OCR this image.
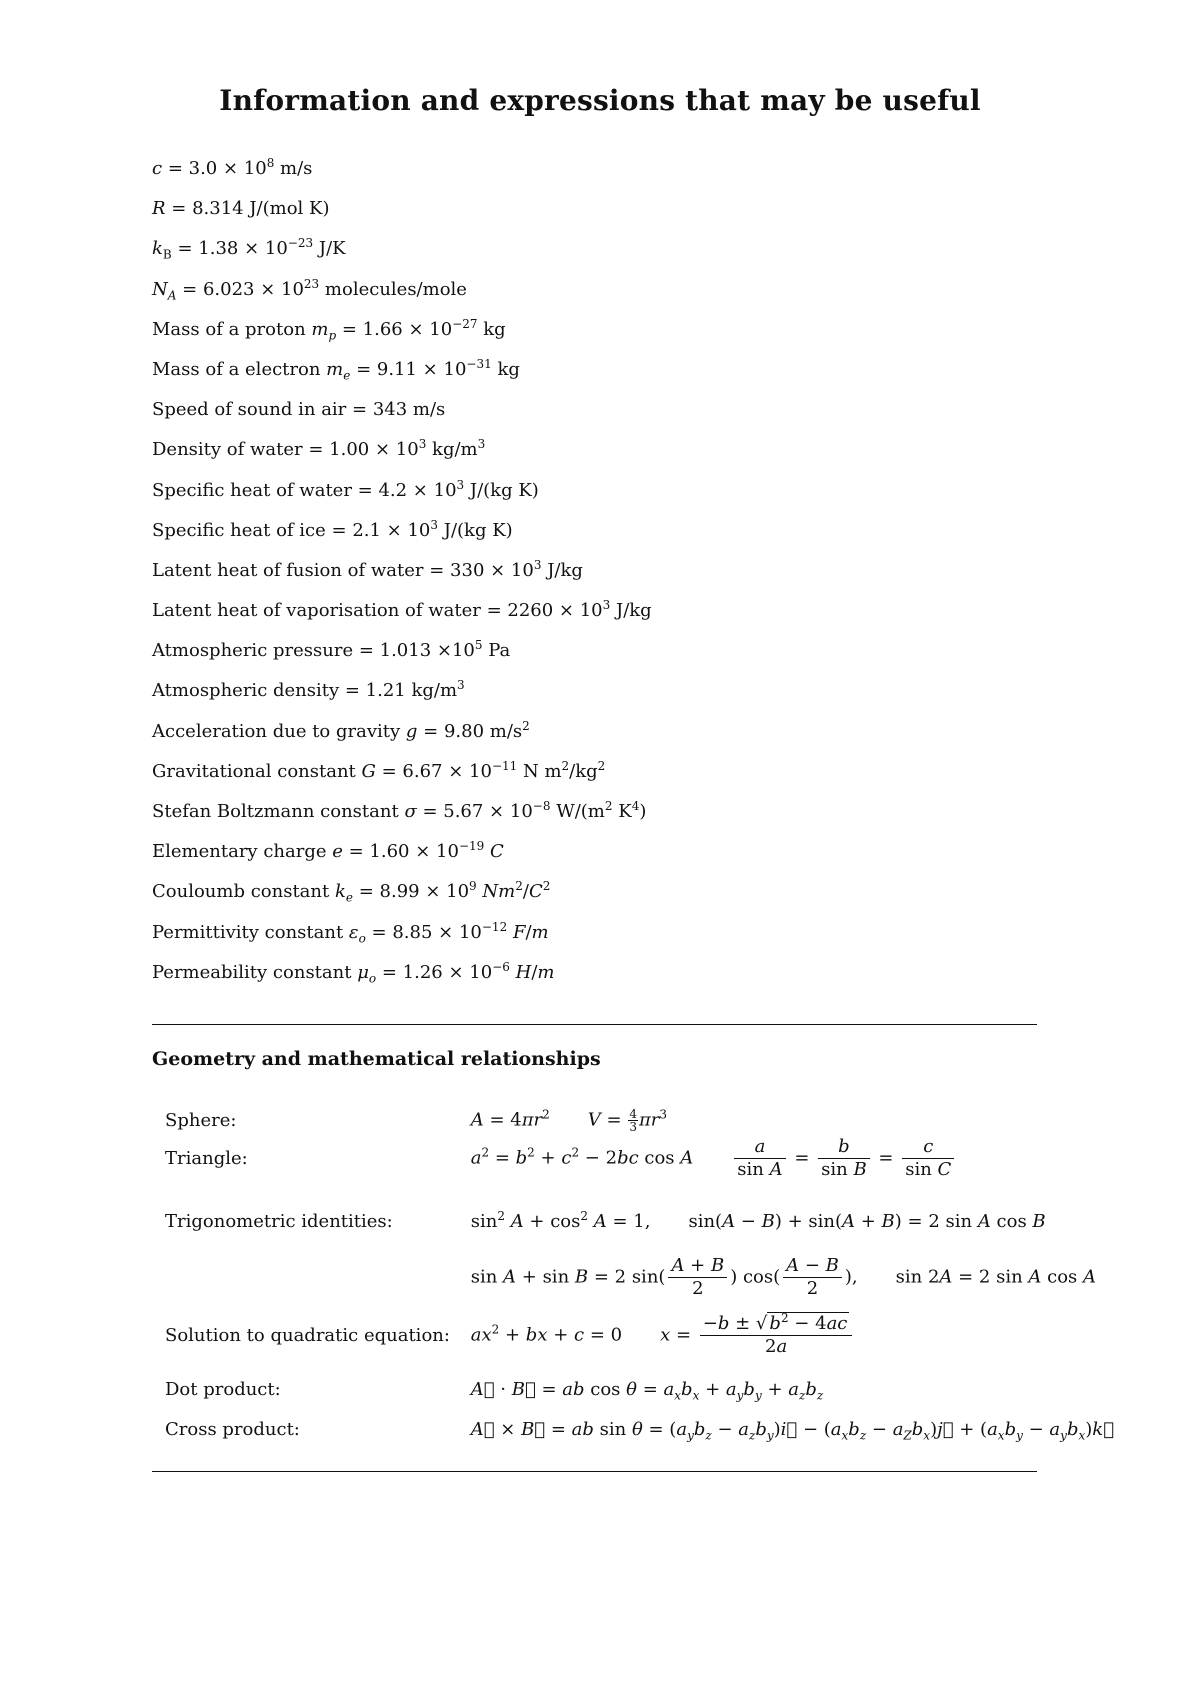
Information and expressions that may be useful
$c = 3.0 \times 10^8$ m/s
R = 8.314 J/(mol K)
$k_B = 1.38 \times 10^{-23}$ J/K
$N_A = 6.023 \times 10^{23}$ molecules/mole
Mass of a proton $m_p = 1.66 \times 10^{-27}$ kg
Mass of a electron $m_e = 9.11 \times 10^{-31}$ kg
Speed of sound in air = 343 m/s
Density of water = $1.00 \times 10^3$ $kg/m^3$
Specific heat of water = $4.2 \times 10^3$ J/(kg K)
Specific heat of ice = $2.1 \times 10^3$ J/(kg K)
Latent heat of fusion of water = $330 \times 10^3$ J/kg
Latent heat of vaporisation of water = $2260 \times 10^3$ J/kg
Atmospheric pressure = $1.013 \times 10^5$ Pa
Atmospheric density = 1.21 $kg/m^3$
Acceleration due to gravity g = 9.80 $m/s^2$
Gravitational constant $G = 6.67 \times 10^{-11}$ N $m^2/kg^2$
Stefan Boltzmann constant $\sigma = 5.67 \times 10^{-8}$ $W/(m^2$ $K^4$)
Elementary charge $e = 1.60 \times 10^{-19}$ C
Couloumb constant $k_e = 8.99 \times 10^9$ $Nm^2/C^2$
Permittivity constant $\varepsilon_o = 8.85 \times 10^{-12}$ F/m
Permeability constant $\mu_o = 1.26 \times 10^{-6}$ H/m
Geometry and mathematical relationships
Sphere:	$A = 4\pi r^2$ $V = \frac{4}{3} \pi r^3$
Triangle:	$a^2 = b^2 + c^2 - 2bc$ cos A $\frac{a}{\text{sin A}} = \frac{b}{\text{sin B}} = \frac{c}{\text{sin C}}$
Trigonometric identities:	$\sin^2 A + \cos^2 A = 1$, sin(A − B) + sin(A + B) = 2 sin A cos B
sin A + sin B = 2 $\sin( \frac{A + B}{2}$ ) $\cos( \frac{A - B}{2}$ ), sin 2A = 2 sin A cos A
Solution to quadratic equation: $ax^2$ + bx + c = 0 $x = \frac{-b \pm √ b^2 - 4ac}{2a}$
Dot product:	A⃗ · B⃗ = ab $\cos \theta = a_xb_x + a_yb_y + a_zb_z$
Cross product:	A⃗ × B⃗ = ab $\sin \theta = (a_yb_z$ − $a_zb_y)i⃗ - (a_xb_z$ − $a_Zb_x)j⃗ + (a_xb_y$ − $a_yb_x)k⃗$
